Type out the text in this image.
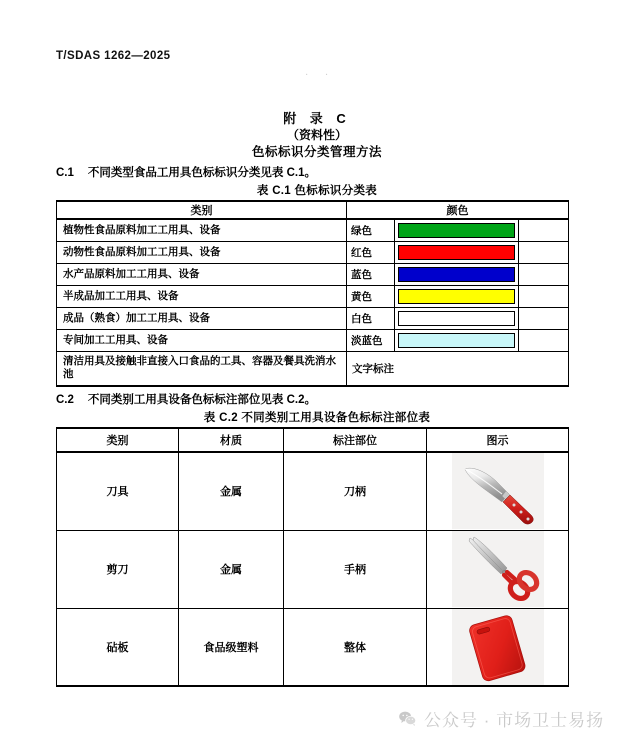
T/SDAS 1262—2025
· ·
附 录 C
（资料性）
色标标识分类管理方法
C.1 不同类型食品工用具色标标识分类见表 C.1。
表 C.1 色标标识分类表
类别	颜色		
植物性食品原料加工工用具、设备	绿色	

动物性食品原料加工工用具、设备	红色	

水产品原料加工工用具、设备	蓝色	

半成品加工工用具、设备	黄色	

成品（熟食）加工工用具、设备	白色	

专间加工工用具、设备	淡蓝色	

清洁用具及接触非直接入口食品的工具、容器及餐具洗消水池	文字标注		
C.2 不同类别工用具设备色标标注部位见表 C.2。
表 C.2 不同类别工用具设备色标标注部位表
类别	材质	标注部位	图示
刀具	金属	刀柄	

剪刀	金属	手柄	

砧板	食品级塑料	整体	
公众号 · 市场卫士易扬
